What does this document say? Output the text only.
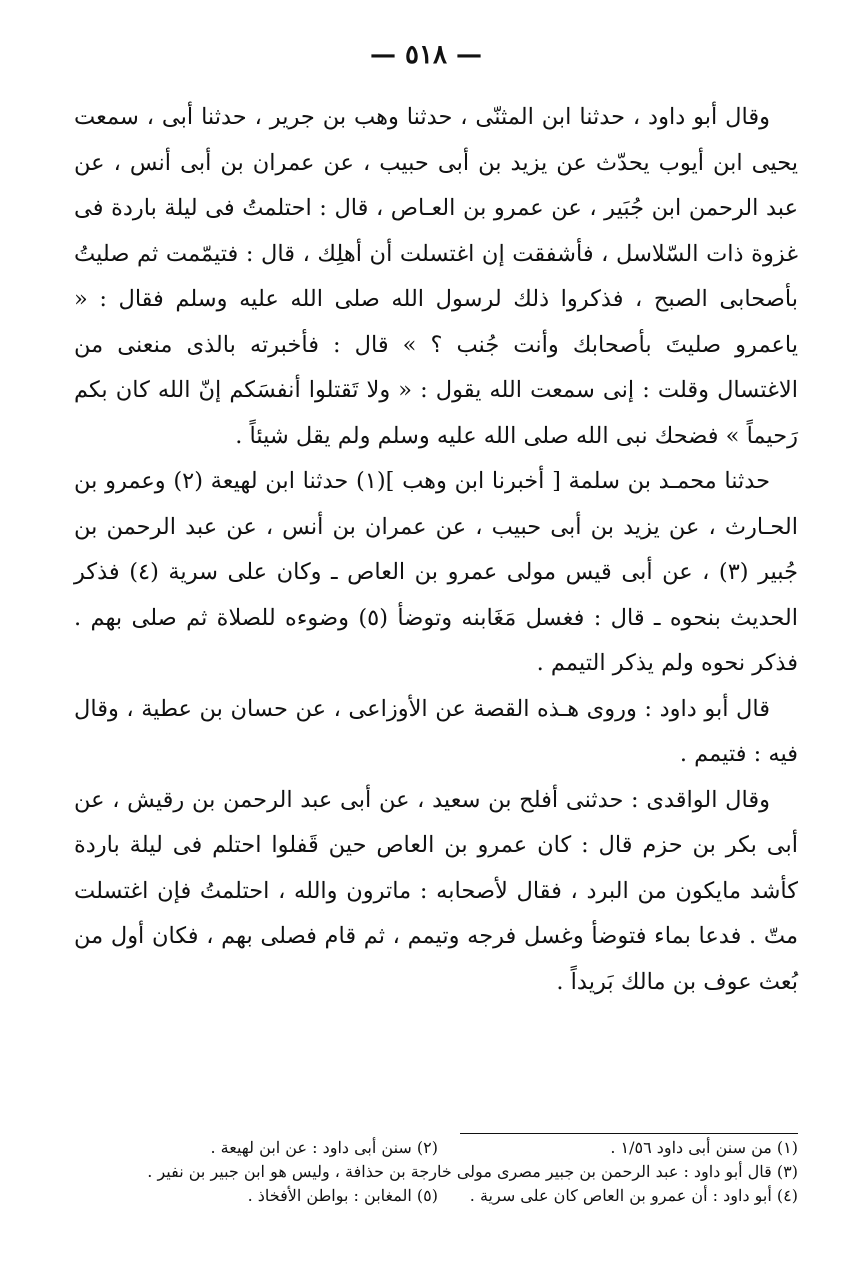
— ٥١٨ —

وقال أبو داود ، حدثنا ابن المثنّى ، حدثنا وهب بن جرير ، حدثنا أبى ، سمعت يحيى ابن أيوب يحدّث عن يزيد بن أبى حبيب ، عن عمران بن أبى أنس ، عن عبد الرحمن ابن جُبَير ، عن عمرو بن العـاص ، قال : احتلمتُ فى ليلة باردة فى غزوة ذات السّلاسل ، فأشفقت إن اغتسلت أن أهلِك ، قال : فتيمّمت ثم صليتُ بأصحابى الصبح ، فذكروا ذلك لرسول الله صلى الله عليه وسلم فقال : « ياعمرو صليتَ بأصحابك وأنت جُنب ؟ » قال : فأخبرته بالذى منعنى من الاغتسال وقلت : إنى سمعت الله يقول : « ولا تَقتلوا أنفسَكم إنّ الله كان بكم رَحيماً » فضحك نبى الله صلى الله عليه وسلم ولم يقل شيئاً .

حدثنا محمـد بن سلمة [ أخبرنا ابن وهب ](١) حدثنا ابن لهيعة (٢) وعمرو بن الحـارث ، عن يزيد بن أبى حبيب ، عن عمران بن أنس ، عن عبد الرحمن بن جُبير (٣) ، عن أبى قيس مولى عمرو بن العاص ـ وكان على سرية (٤) فذكر الحديث بنحوه ـ قال : فغسل مَغَابنه وتوضأ (٥) وضوءه للصلاة ثم صلى بهم . فذكر نحوه ولم يذكر التيمم .

قال أبو داود : وروى هـذه القصة عن الأوزاعى ، عن حسان بن عطية ، وقال فيه : فتيمم .

وقال الواقدى : حدثنى أفلح بن سعيد ، عن أبى عبد الرحمن بن رقيش ، عن أبى بكر بن حزم قال : كان عمرو بن العاص حين قَفلوا احتلم فى ليلة باردة كأشد مايكون من البرد ، فقال لأصحابه : ماترون والله ، احتلمتُ فإن اغتسلت متّ . فدعا بماء فتوضأ وغسل فرجه وتيمم ، ثم قام فصلى بهم ، فكان أول من بُعث عوف بن مالك بَريداً .

(١) من سنن أبى داود ١/٥٦ .
(٢) سنن أبى داود : عن ابن لهيعة .
(٣) قال أبو داود : عبد الرحمن بن جبير مصرى مولى خارجة بن حذافة ، وليس هو ابن جبير بن نفير .
(٤) أبو داود : أن عمرو بن العاص كان على سرية .
(٥) المغابن : بواطن الأفخاذ .
